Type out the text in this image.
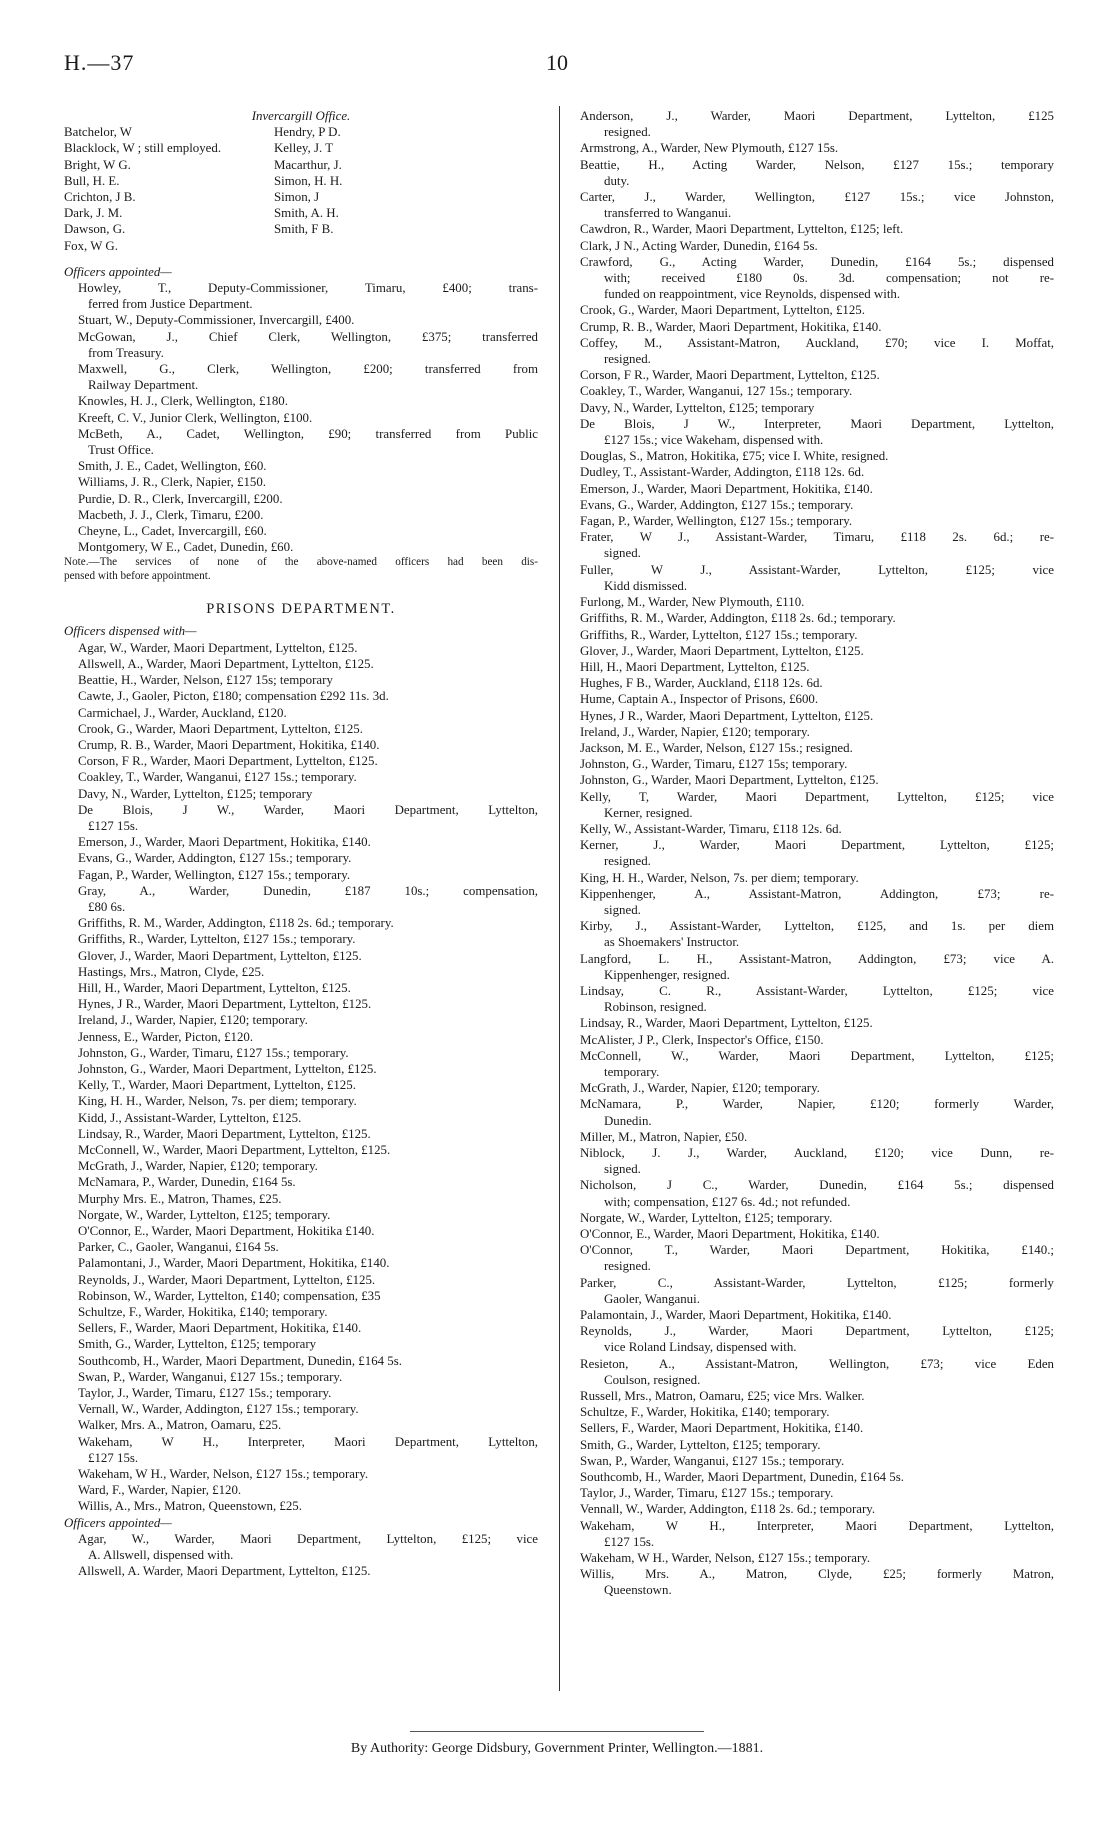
10
H.—37
Invercargill Office.
Batchelor, W	Hendry, P D.
Blacklock, W ; still employed.	Kelley, J. T
Bright, W G.	Macarthur, J.
Bull, H. E.	Simon, H. H.
Crichton, J B.	Simon, J
Dark, J. M.	Smith, A. H.
Dawson, G.	Smith, F B.
Fox, W G.
Officers appointed—
Howley, T., Deputy-Commissioner, Timaru, £400; trans-
ferred from Justice Department.
Stuart, W., Deputy-Commissioner, Invercargill, £400.
McGowan, J., Chief Clerk, Wellington, £375; transferred
from Treasury.
Maxwell, G., Clerk, Wellington, £200; transferred from
Railway Department.
Knowles, H. J., Clerk, Wellington, £180.
Kreeft, C. V., Junior Clerk, Wellington, £100.
McBeth, A., Cadet, Wellington, £90; transferred from Public
Trust Office.
Smith, J. E., Cadet, Wellington, £60.
Williams, J. R., Clerk, Napier, £150.
Purdie, D. R., Clerk, Invercargill, £200.
Macbeth, J. J., Clerk, Timaru, £200.
Cheyne, L., Cadet, Invercargill, £60.
Montgomery, W E., Cadet, Dunedin, £60.
Note.—The services of none of the above-named officers had been dis-
pensed with before appointment.
PRISONS DEPARTMENT.
Officers dispensed with—
Agar, W., Warder, Maori Department, Lyttelton, £125.
Allswell, A., Warder, Maori Department, Lyttelton, £125.
Beattie, H., Warder, Nelson, £127 15s; temporary
Cawte, J., Gaoler, Picton, £180; compensation £292 11s. 3d.
Carmichael, J., Warder, Auckland, £120.
Crook, G., Warder, Maori Department, Lyttelton, £125.
Crump, R. B., Warder, Maori Department, Hokitika, £140.
Corson, F R., Warder, Maori Department, Lyttelton, £125.
Coakley, T., Warder, Wanganui, £127 15s.; temporary.
Davy, N., Warder, Lyttelton, £125; temporary
De Blois, J W., Warder, Maori Department, Lyttelton,
£127 15s.
Emerson, J., Warder, Maori Department, Hokitika, £140.
Evans, G., Warder, Addington, £127 15s.; temporary.
Fagan, P., Warder, Wellington, £127 15s.; temporary.
Gray, A., Warder, Dunedin, £187 10s.; compensation,
£80 6s.
Griffiths, R. M., Warder, Addington, £118 2s. 6d.; temporary.
Griffiths, R., Warder, Lyttelton, £127 15s.; temporary.
Glover, J., Warder, Maori Department, Lyttelton, £125.
Hastings, Mrs., Matron, Clyde, £25.
Hill, H., Warder, Maori Department, Lyttelton, £125.
Hynes, J R., Warder, Maori Department, Lyttelton, £125.
Ireland, J., Warder, Napier, £120; temporary.
Jenness, E., Warder, Picton, £120.
Johnston, G., Warder, Timaru, £127 15s.; temporary.
Johnston, G., Warder, Maori Department, Lyttelton, £125.
Kelly, T., Warder, Maori Department, Lyttelton, £125.
King, H. H., Warder, Nelson, 7s. per diem; temporary.
Kidd, J., Assistant-Warder, Lyttelton, £125.
Lindsay, R., Warder, Maori Department, Lyttelton, £125.
McConnell, W., Warder, Maori Department, Lyttelton, £125.
McGrath, J., Warder, Napier, £120; temporary.
McNamara, P., Warder, Dunedin, £164 5s.
Murphy Mrs. E., Matron, Thames, £25.
Norgate, W., Warder, Lyttelton, £125; temporary.
O'Connor, E., Warder, Maori Department, Hokitika £140.
Parker, C., Gaoler, Wanganui, £164 5s.
Palamontani, J., Warder, Maori Department, Hokitika, £140.
Reynolds, J., Warder, Maori Department, Lyttelton, £125.
Robinson, W., Warder, Lyttelton, £140; compensation, £35
Schultze, F., Warder, Hokitika, £140; temporary.
Sellers, F., Warder, Maori Department, Hokitika, £140.
Smith, G., Warder, Lyttelton, £125; temporary
Southcomb, H., Warder, Maori Department, Dunedin, £164 5s.
Swan, P., Warder, Wanganui, £127 15s.; temporary.
Taylor, J., Warder, Timaru, £127 15s.; temporary.
Vernall, W., Warder, Addington, £127 15s.; temporary.
Walker, Mrs. A., Matron, Oamaru, £25.
Wakeham, W H., Interpreter, Maori Department, Lyttelton,
£127 15s.
Wakeham, W H., Warder, Nelson, £127 15s.; temporary.
Ward, F., Warder, Napier, £120.
Willis, A., Mrs., Matron, Queenstown, £25.
Officers appointed—
Agar, W., Warder, Maori Department, Lyttelton, £125; vice
A. Allswell, dispensed with.
Allswell, A. Warder, Maori Department, Lyttelton, £125.
Anderson, J., Warder, Maori Department, Lyttelton, £125
resigned.
Armstrong, A., Warder, New Plymouth, £127 15s.
Beattie, H., Acting Warder, Nelson, £127 15s.; temporary
duty.
Carter, J., Warder, Wellington, £127 15s.; vice Johnston,
transferred to Wanganui.
Cawdron, R., Warder, Maori Department, Lyttelton, £125; left.
Clark, J N., Acting Warder, Dunedin, £164 5s.
Crawford, G., Acting Warder, Dunedin, £164 5s.; dispensed
with; received £180 0s. 3d. compensation; not re-
funded on reappointment, vice Reynolds, dispensed with.
Crook, G., Warder, Maori Department, Lyttelton, £125.
Crump, R. B., Warder, Maori Department, Hokitika, £140.
Coffey, M., Assistant-Matron, Auckland, £70; vice I. Moffat,
resigned.
Corson, F R., Warder, Maori Department, Lyttelton, £125.
Coakley, T., Warder, Wanganui, 127 15s.; temporary.
Davy, N., Warder, Lyttelton, £125; temporary
De Blois, J W., Interpreter, Maori Department, Lyttelton,
£127 15s.; vice Wakeham, dispensed with.
Douglas, S., Matron, Hokitika, £75; vice I. White, resigned.
Dudley, T., Assistant-Warder, Addington, £118 12s. 6d.
Emerson, J., Warder, Maori Department, Hokitika, £140.
Evans, G., Warder, Addington, £127 15s.; temporary.
Fagan, P., Warder, Wellington, £127 15s.; temporary.
Frater, W J., Assistant-Warder, Timaru, £118 2s. 6d.; re-
signed.
Fuller, W J., Assistant-Warder, Lyttelton, £125; vice
Kidd dismissed.
Furlong, M., Warder, New Plymouth, £110.
Griffiths, R. M., Warder, Addington, £118 2s. 6d.; temporary.
Griffiths, R., Warder, Lyttelton, £127 15s.; temporary.
Glover, J., Warder, Maori Department, Lyttelton, £125.
Hill, H., Maori Department, Lyttelton, £125.
Hughes, F B., Warder, Auckland, £118 12s. 6d.
Hume, Captain A., Inspector of Prisons, £600.
Hynes, J R., Warder, Maori Department, Lyttelton, £125.
Ireland, J., Warder, Napier, £120; temporary.
Jackson, M. E., Warder, Nelson, £127 15s.; resigned.
Johnston, G., Warder, Timaru, £127 15s; temporary.
Johnston, G., Warder, Maori Department, Lyttelton, £125.
Kelly, T, Warder, Maori Department, Lyttelton, £125; vice
Kerner, resigned.
Kelly, W., Assistant-Warder, Timaru, £118 12s. 6d.
Kerner, J., Warder, Maori Department, Lyttelton, £125;
resigned.
King, H. H., Warder, Nelson, 7s. per diem; temporary.
Kippenhenger, A., Assistant-Matron, Addington, £73; re-
signed.
Kirby, J., Assistant-Warder, Lyttelton, £125, and 1s. per diem
as Shoemakers' Instructor.
Langford, L. H., Assistant-Matron, Addington, £73; vice A.
Kippenhenger, resigned.
Lindsay, C. R., Assistant-Warder, Lyttelton, £125; vice
Robinson, resigned.
Lindsay, R., Warder, Maori Department, Lyttelton, £125.
McAlister, J P., Clerk, Inspector's Office, £150.
McConnell, W., Warder, Maori Department, Lyttelton, £125;
temporary.
McGrath, J., Warder, Napier, £120; temporary.
McNamara, P., Warder, Napier, £120; formerly Warder,
Dunedin.
Miller, M., Matron, Napier, £50.
Niblock, J. J., Warder, Auckland, £120; vice Dunn, re-
signed.
Nicholson, J C., Warder, Dunedin, £164 5s.; dispensed
with; compensation, £127 6s. 4d.; not refunded.
Norgate, W., Warder, Lyttelton, £125; temporary.
O'Connor, E., Warder, Maori Department, Hokitika, £140.
O'Connor, T., Warder, Maori Department, Hokitika, £140.;
resigned.
Parker, C., Assistant-Warder, Lyttelton, £125; formerly
Gaoler, Wanganui.
Palamontain, J., Warder, Maori Department, Hokitika, £140.
Reynolds, J., Warder, Maori Department, Lyttelton, £125;
vice Roland Lindsay, dispensed with.
Resieton, A., Assistant-Matron, Wellington, £73; vice Eden
Coulson, resigned.
Russell, Mrs., Matron, Oamaru, £25; vice Mrs. Walker.
Schultze, F., Warder, Hokitika, £140; temporary.
Sellers, F., Warder, Maori Department, Hokitika, £140.
Smith, G., Warder, Lyttelton, £125; temporary.
Swan, P., Warder, Wanganui, £127 15s.; temporary.
Southcomb, H., Warder, Maori Department, Dunedin, £164 5s.
Taylor, J., Warder, Timaru, £127 15s.; temporary.
Vennall, W., Warder, Addington, £118 2s. 6d.; temporary.
Wakeham, W H., Interpreter, Maori Department, Lyttelton,
£127 15s.
Wakeham, W H., Warder, Nelson, £127 15s.; temporary.
Willis, Mrs. A., Matron, Clyde, £25; formerly Matron,
Queenstown.
By Authority: George Didsbury, Government Printer, Wellington.—1881.
